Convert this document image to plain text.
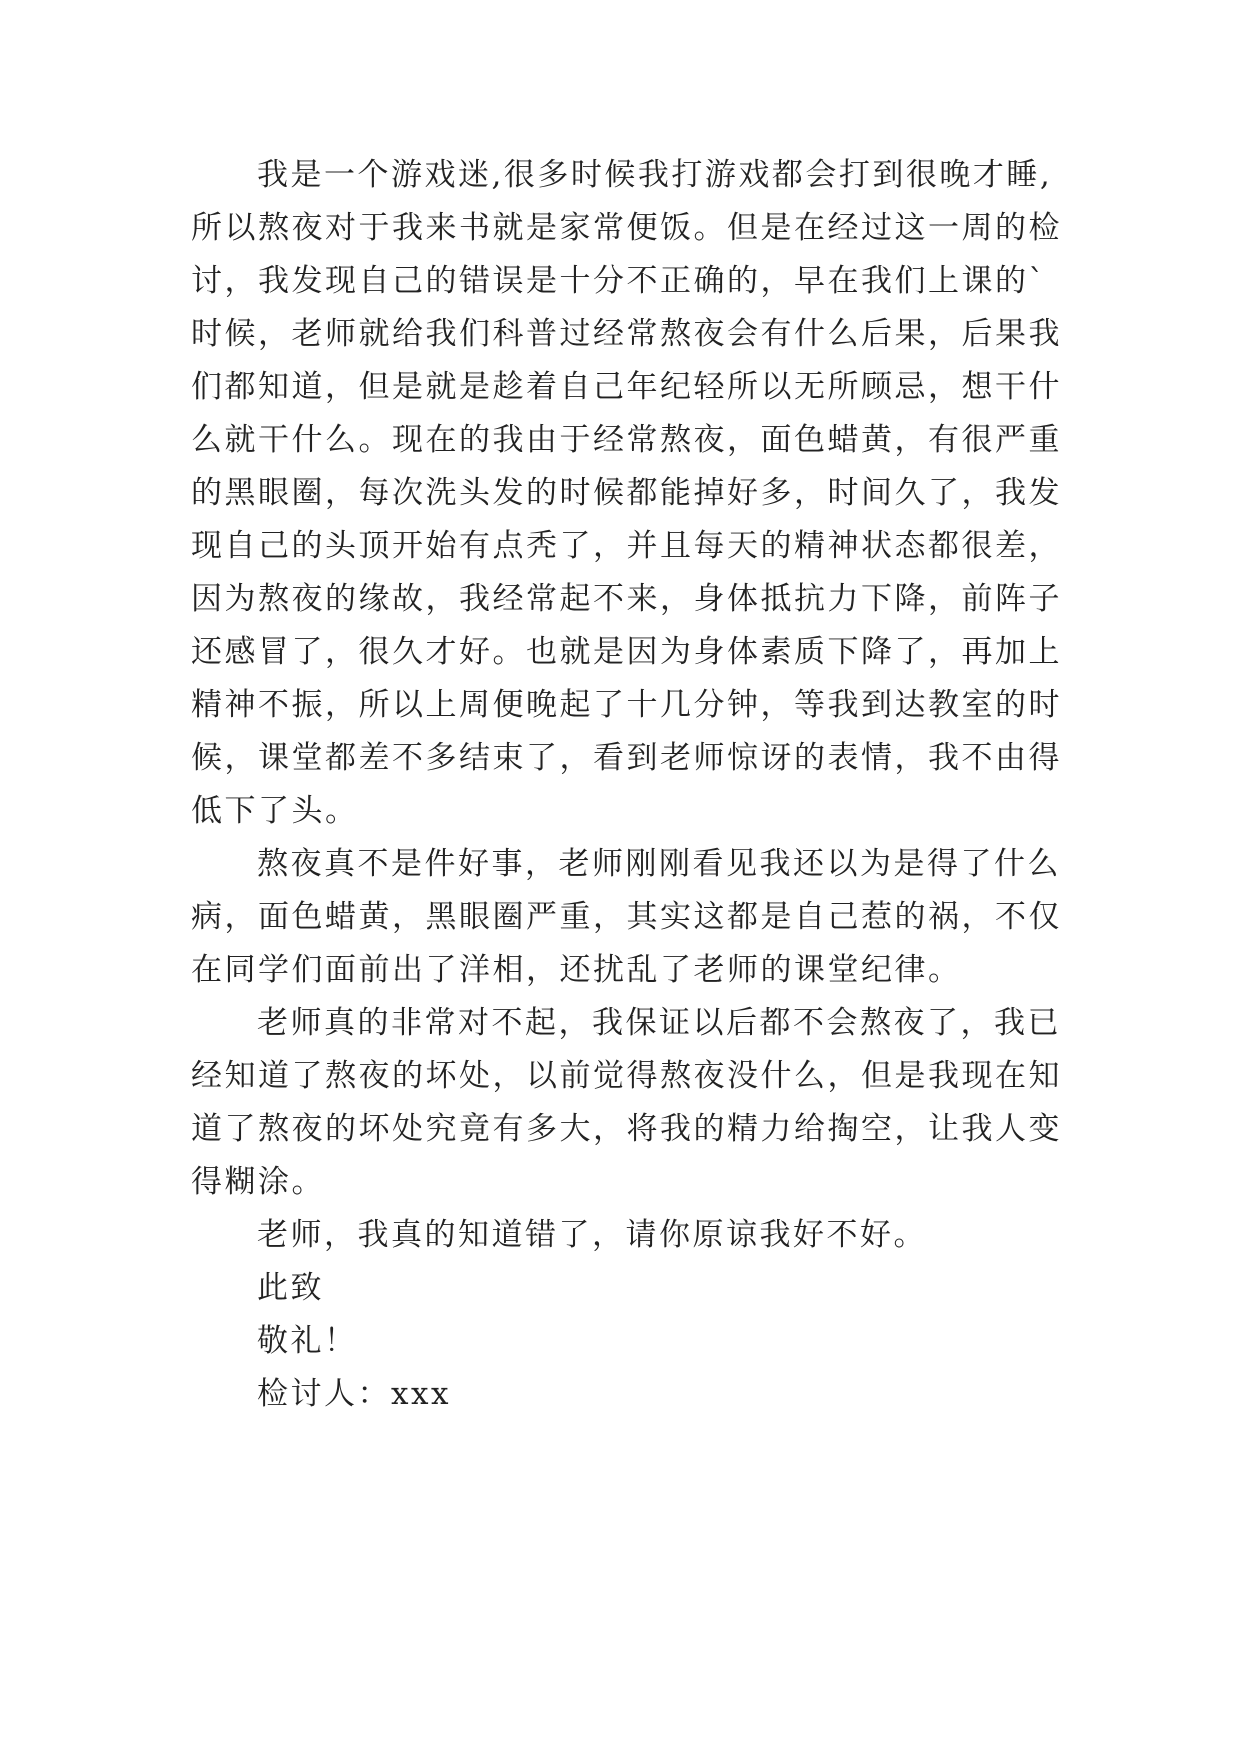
我是一个游戏迷,很多时候我打游戏都会打到很晚才睡,
所以熬夜对于我来书就是家常便饭。但是在经过这一周的检
讨，我发现自己的错误是十分不正确的，早在我们上课的`
时候，老师就给我们科普过经常熬夜会有什么后果，后果我
们都知道，但是就是趁着自己年纪轻所以无所顾忌，想干什
么就干什么。现在的我由于经常熬夜，面色蜡黄，有很严重
的黑眼圈，每次洗头发的时候都能掉好多，时间久了，我发
现自己的头顶开始有点秃了，并且每天的精神状态都很差，
因为熬夜的缘故，我经常起不来，身体抵抗力下降，前阵子
还感冒了，很久才好。也就是因为身体素质下降了，再加上
精神不振，所以上周便晚起了十几分钟，等我到达教室的时
候，课堂都差不多结束了，看到老师惊讶的表情，我不由得
低下了头。
熬夜真不是件好事，老师刚刚看见我还以为是得了什么
病，面色蜡黄，黑眼圈严重，其实这都是自己惹的祸，不仅
在同学们面前出了洋相，还扰乱了老师的课堂纪律。
老师真的非常对不起，我保证以后都不会熬夜了，我已
经知道了熬夜的坏处，以前觉得熬夜没什么，但是我现在知
道了熬夜的坏处究竟有多大，将我的精力给掏空，让我人变
得糊涂。
老师，我真的知道错了，请你原谅我好不好。
此致
敬礼！
检讨人：xxx
